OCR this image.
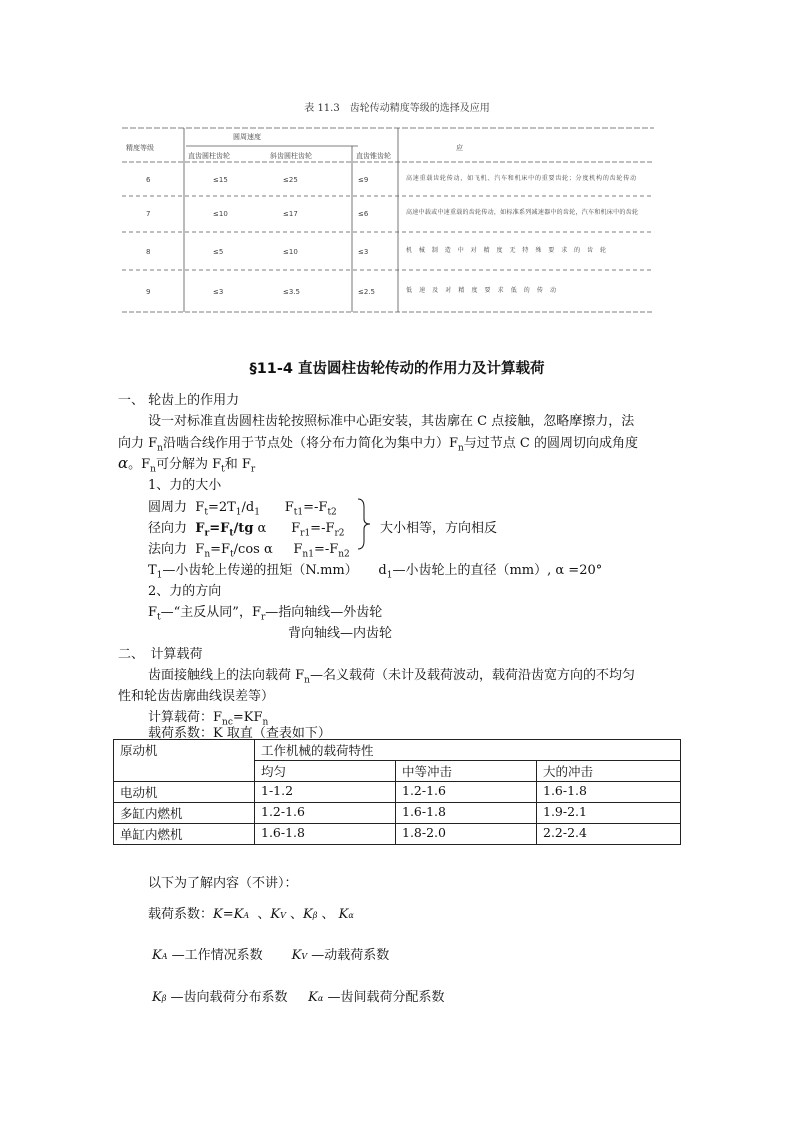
表 11.3　齿轮传动精度等级的选择及应用
精度等级
圆周速度
直齿圆柱齿轮	斜齿圆柱齿轮	直齿锥齿轮
应
6	≤15	≤25	≤9	高速重载齿轮传动，如飞机、汽车和机床中的重要齿轮；分度机构的齿轮传动
7	≤10	≤17	≤6	高速中载或中速重载的齿轮传动，如标准系列减速器中的齿轮，汽车和机床中的齿轮
8	≤5	≤10	≤3	机械制造中对精度无特殊要求的齿轮
9	≤3	≤3.5	≤2.5	低速及对精度要求低的传动
§11-4 直齿圆柱齿轮传动的作用力及计算载荷
一、 轮齿上的作用力
设一对标准直齿圆柱齿轮按照标准中心距安装，其齿廓在 C 点接触，忽略摩擦力，法
向力 $F_n$沿啮合线作用于节点处（将分布力简化为集中力）$F_n$与过节点 C 的圆周切向成角度
α。$F_n$可分解为 $F_t$和 $F_r$
1、力的大小
圆周力  $F_t=2T_1/d_1$      $F_{t1}=-F_{t2}$
径向力 $F_r=F_t/tg$ α      $F_{r1}=-F_{r2}$
法向力  $F_n=F_t/\cos$ α     $F_{n1}=-F_{n2}$
大小相等，方向相反
$T_1—$小齿轮上传递的扭矩（N.mm）     $d_1—$小齿轮上的直径（mm）, α =20°
2、力的方向
$F_t—“$主反从同”，$F_r—$指向轴线—外齿轮
背向轴线—内齿轮
二、　计算载荷
齿面接触线上的法向载荷 $F_n—$名义载荷（未计及载荷波动，载荷沿齿宽方向的不均匀
性和轮齿齿廓曲线误差等）
计算载荷：$F_{nc}=KF_n$
载荷系数：K 取直（查表如下）
原动机	工作机械的载荷特性		
	均匀	中等冲击	大的冲击
电动机	1-1.2	1.2-1.6	1.6-1.8
多缸内燃机	1.2-1.6	1.6-1.8	1.9-2.1
单缸内燃机	1.6-1.8	1.8-2.0	2.2-2.4
以下为了解内容（不讲）：
载荷系数：K=KA  、KV 、Kβ 、 Kα
KA —工作情况系数 KV —动载荷系数
Kβ —齿向载荷分布系数 Kα —齿间载荷分配系数
